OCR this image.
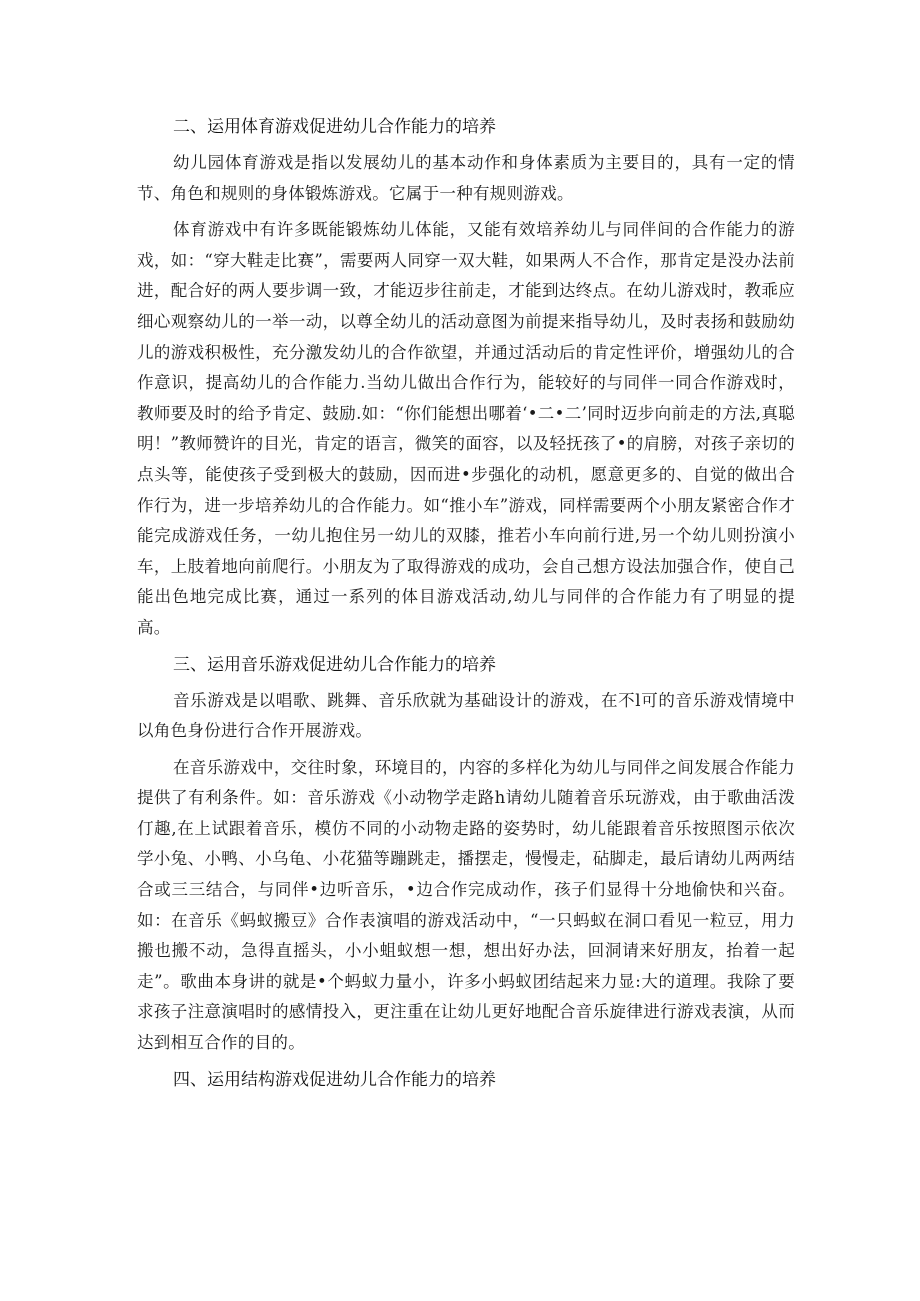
二、运用体育游戏促进幼儿合作能力的培养

幼儿园体育游戏是指以发展幼儿的基本动作和身体素质为主要目的，具有一定的情节、角色和规则的身体锻炼游戏。它属于一种有规则游戏。

体育游戏中有许多既能锻炼幼儿体能，又能有效培养幼儿与同伴间的合作能力的游戏，如：“穿大鞋走比赛”，需要两人同穿一双大鞋，如果两人不合作，那肯定是没办法前进，配合好的两人要步调一致，才能迈步往前走，才能到达终点。在幼儿游戏时，教乖应细心观察幼儿的一举一动，以尊全幼儿的活动意图为前提来指导幼儿，及时表扬和鼓励幼儿的游戏积极性，充分激发幼儿的合作欲望，并通过活动后的肯定性评价，增强幼儿的合作意识，提高幼儿的合作能力.当幼儿做出合作行为，能较好的与同伴一同合作游戏时，教师要及时的给予肯定、鼓励.如：“你们能想出哪着‘•二•二’同时迈步向前走的方法,真聪明！”教师赞许的目光，肯定的语言，微笑的面容，以及轻抚孩了•的肩膀，对孩子亲切的点头等，能使孩子受到极大的鼓励，因而进•步强化的动机，愿意更多的、自觉的做出合作行为，进一步培养幼儿的合作能力。如“推小车”游戏，同样需要两个小朋友紧密合作才能完成游戏任务，一幼儿抱住另一幼儿的双膝，推若小车向前行进,另一个幼儿则扮演小车，上肢着地向前爬行。小朋友为了取得游戏的成功，会自己想方设法加强合作，使自己能出色地完成比赛，通过一系列的体目游戏活动,幼儿与同伴的合作能力有了明显的提高。

三、运用音乐游戏促进幼儿合作能力的培养

音乐游戏是以唱歌、跳舞、音乐欣就为基础设计的游戏，在不l可的音乐游戏情境中以角色身份进行合作开展游戏。

在音乐游戏中，交往时象，环境目的，内容的多样化为幼儿与同伴之间发展合作能力提供了有利条件。如：音乐游戏《小动物学走路h请幼儿随着音乐玩游戏，由于歌曲活泼仃趣,在上试跟着音乐，模仿不同的小动物走路的姿势时，幼儿能跟着音乐按照图示依次学小兔、小鸭、小乌龟、小花猫等蹦跳走，播摆走，慢慢走，砧脚走，最后请幼儿两两结合或三三结合，与同伴•边听音乐，•边合作完成动作，孩子们显得十分地偷快和兴奋。如：在音乐《蚂蚁搬豆》合作表演唱的游戏活动中，“一只蚂蚁在洞口看见一粒豆，用力搬也搬不动，急得直摇头，小小蛆蚁想一想，想出好办法，回洞请来好朋友，抬着一起走”。歌曲本身讲的就是•个蚂蚁力量小，许多小蚂蚁团结起来力显:大的道理。我除了要求孩子注意演唱时的感情投入，更注重在让幼儿更好地配合音乐旋律进行游戏表演，从而达到相互合作的目的。

四、运用结构游戏促进幼儿合作能力的培养
